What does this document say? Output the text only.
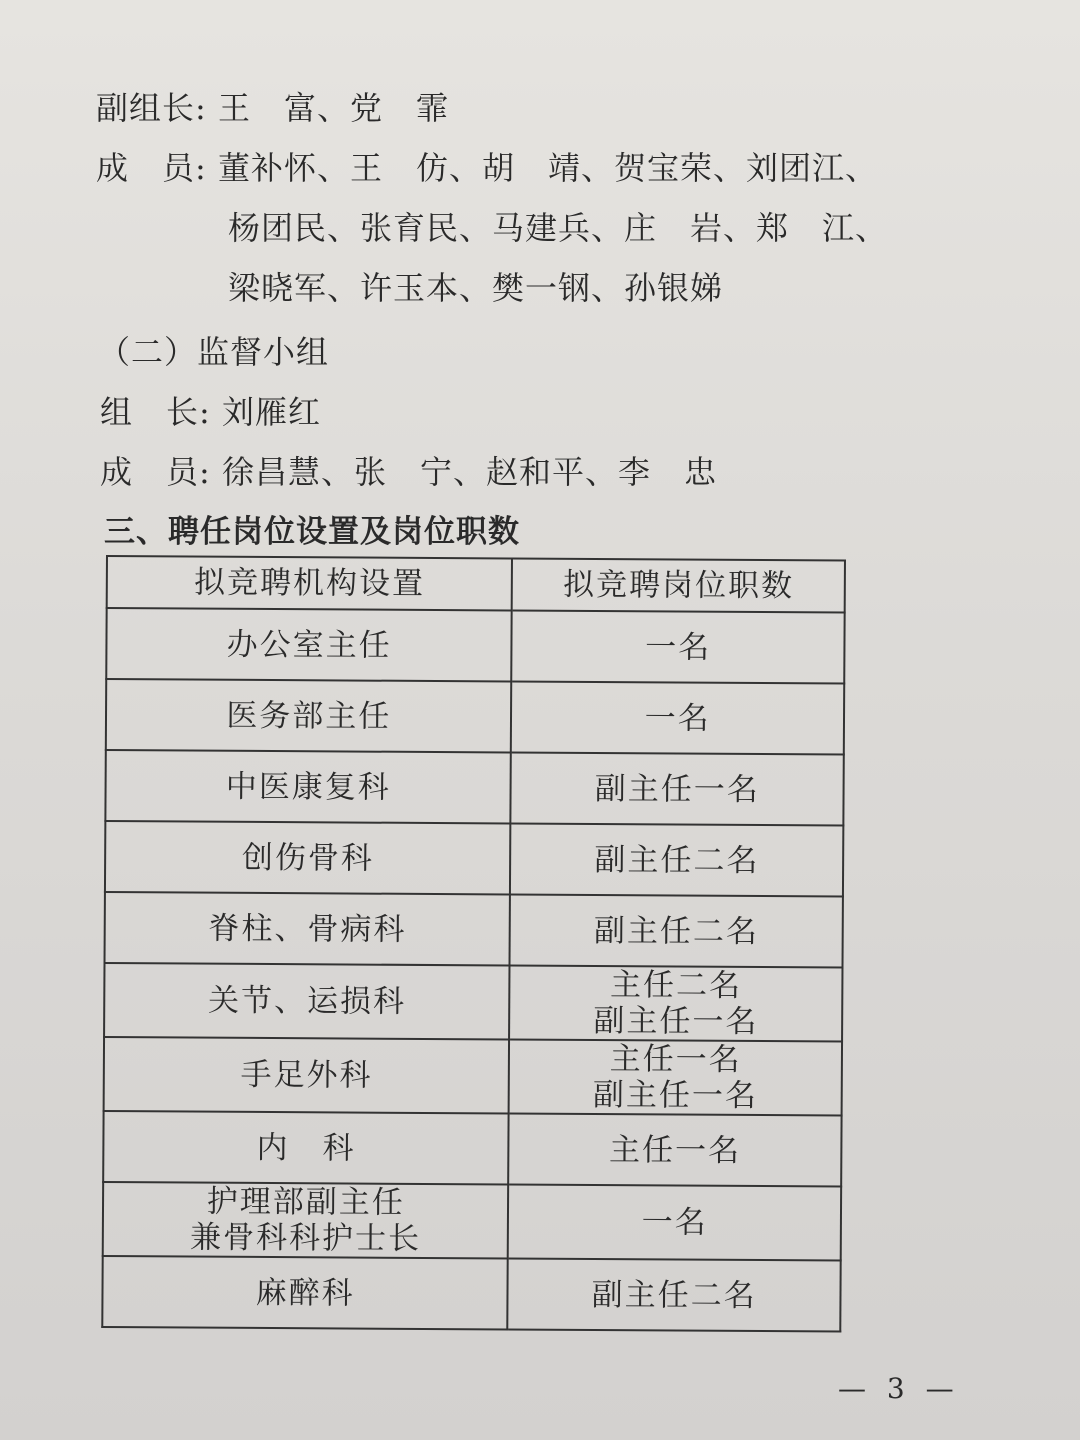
副组长: 王　富、党　霏
成　员: 董补怀、王　仿、胡　靖、贺宝荣、刘团江、
杨团民、张育民、马建兵、庄　岩、郑　江、
梁晓军、许玉本、樊一钢、孙银娣
（二）监督小组
组　长: 刘雁红
成　员: 徐昌慧、张　宁、赵和平、李　忠
三、聘任岗位设置及岗位职数
拟竞聘机构设置	拟竞聘岗位职数

办公室主任	一名

医务部主任	一名

中医康复科	副主任一名

创伤骨科	副主任二名

脊柱、骨病科	副主任二名

关节、运损科	主任二名
副主任一名

手足外科	主任一名
副主任一名

内　科	主任一名

护理部副主任
兼骨科科护士长	一名

麻醉科	副主任二名
— 3 —
